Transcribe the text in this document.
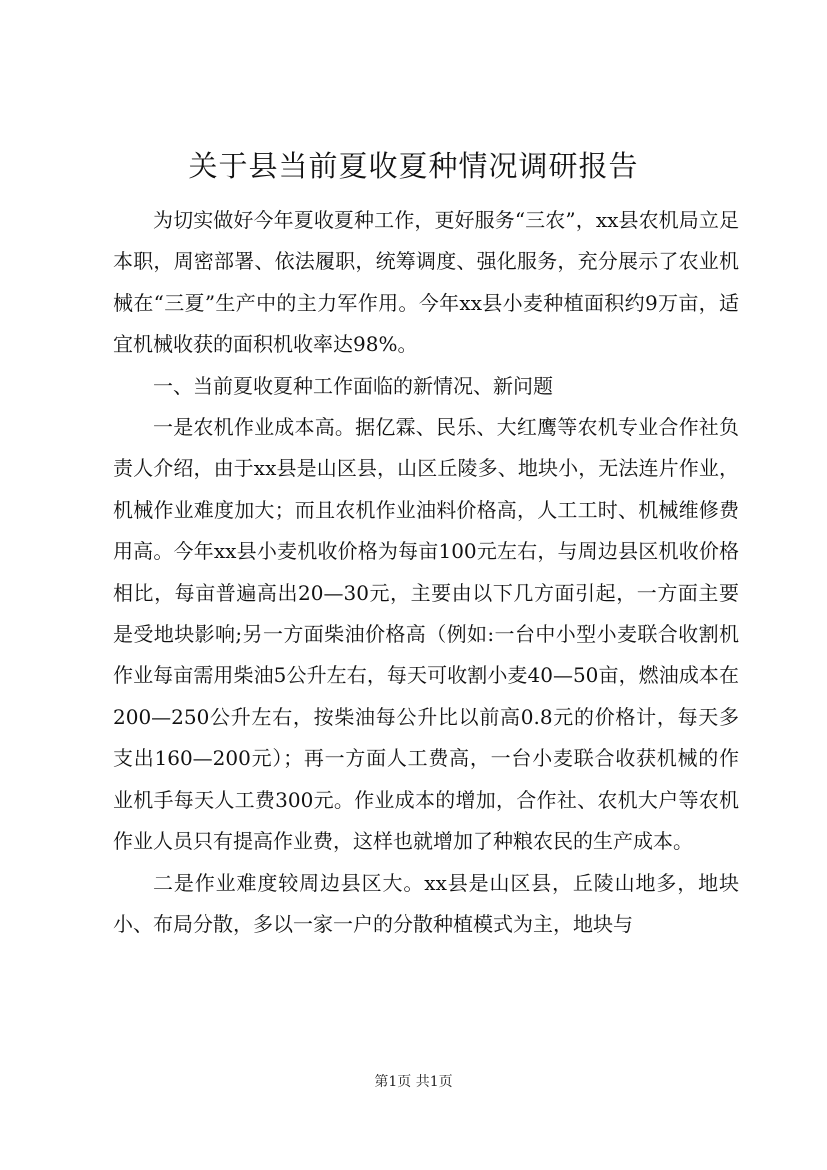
关于县当前夏收夏种情况调研报告

为切实做好今年夏收夏种工作，更好服务“三农”，xx县农机局立足本职，周密部署、依法履职，统筹调度、强化服务，充分展示了农业机械在“三夏”生产中的主力军作用。今年xx县小麦种植面积约9万亩，适宜机械收获的面积机收率达98%。

一、当前夏收夏种工作面临的新情况、新问题

一是农机作业成本高。据亿霖、民乐、大红鹰等农机专业合作社负责人介绍，由于xx县是山区县，山区丘陵多、地块小，无法连片作业，机械作业难度加大；而且农机作业油料价格高，人工工时、机械维修费用高。今年xx县小麦机收价格为每亩100元左右，与周边县区机收价格相比，每亩普遍高出20—30元，主要由以下几方面引起，一方面主要是受地块影响;另一方面柴油价格高（例如:一台中小型小麦联合收割机作业每亩需用柴油5公升左右，每天可收割小麦40—50亩，燃油成本在200—250公升左右，按柴油每公升比以前高0.8元的价格计，每天多支出160—200元）；再一方面人工费高，一台小麦联合收获机械的作业机手每天人工费300元。作业成本的增加，合作社、农机大户等农机作业人员只有提高作业费，这样也就增加了种粮农民的生产成本。

二是作业难度较周边县区大。xx县是山区县，丘陵山地多，地块小、布局分散，多以一家一户的分散种植模式为主，地块与

第1页 共1页
